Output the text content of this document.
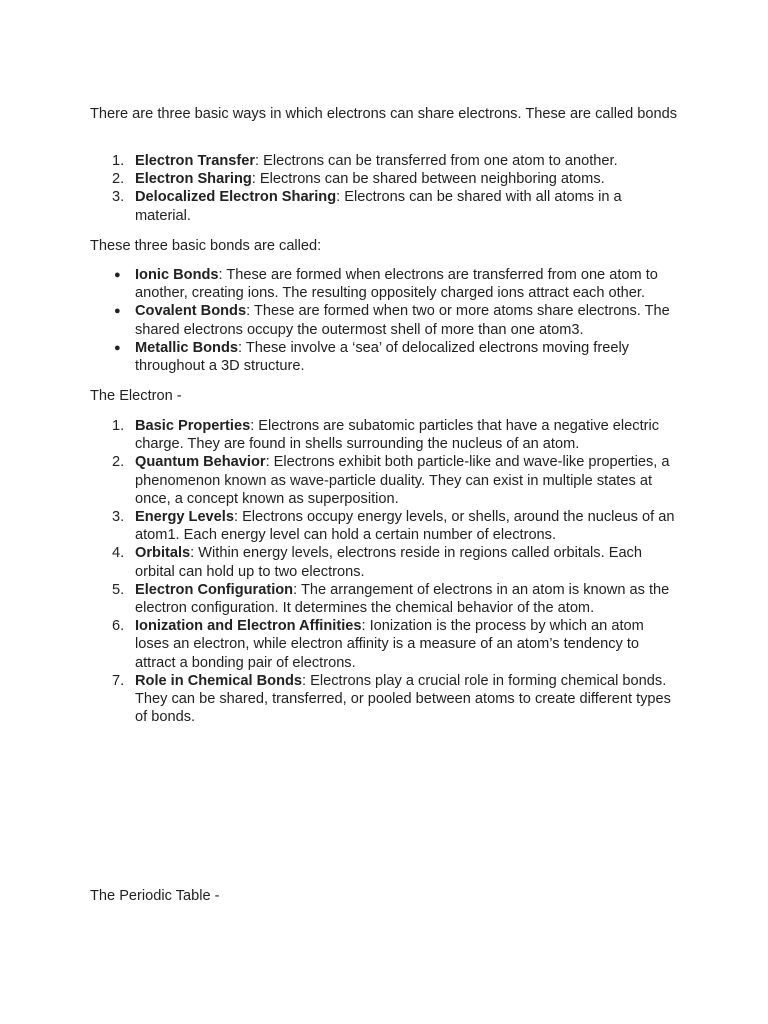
There are three basic ways in which electrons can share electrons. These are called bonds

1. Electron Transfer: Electrons can be transferred from one atom to another.
2. Electron Sharing: Electrons can be shared between neighboring atoms.
3. Delocalized Electron Sharing: Electrons can be shared with all atoms in a material.

These three basic bonds are called:

● Ionic Bonds: These are formed when electrons are transferred from one atom to another, creating ions. The resulting oppositely charged ions attract each other.
● Covalent Bonds: These are formed when two or more atoms share electrons. The shared electrons occupy the outermost shell of more than one atom3.
● Metallic Bonds: These involve a ‘sea’ of delocalized electrons moving freely throughout a 3D structure.

The Electron -

1. Basic Properties: Electrons are subatomic particles that have a negative electric charge. They are found in shells surrounding the nucleus of an atom.
2. Quantum Behavior: Electrons exhibit both particle-like and wave-like properties, a phenomenon known as wave-particle duality. They can exist in multiple states at once, a concept known as superposition.
3. Energy Levels: Electrons occupy energy levels, or shells, around the nucleus of an atom1. Each energy level can hold a certain number of electrons.
4. Orbitals: Within energy levels, electrons reside in regions called orbitals. Each orbital can hold up to two electrons.
5. Electron Configuration: The arrangement of electrons in an atom is known as the electron configuration. It determines the chemical behavior of the atom.
6. Ionization and Electron Affinities: Ionization is the process by which an atom loses an electron, while electron affinity is a measure of an atom’s tendency to attract a bonding pair of electrons.
7. Role in Chemical Bonds: Electrons play a crucial role in forming chemical bonds. They can be shared, transferred, or pooled between atoms to create different types of bonds.

The Periodic Table -
